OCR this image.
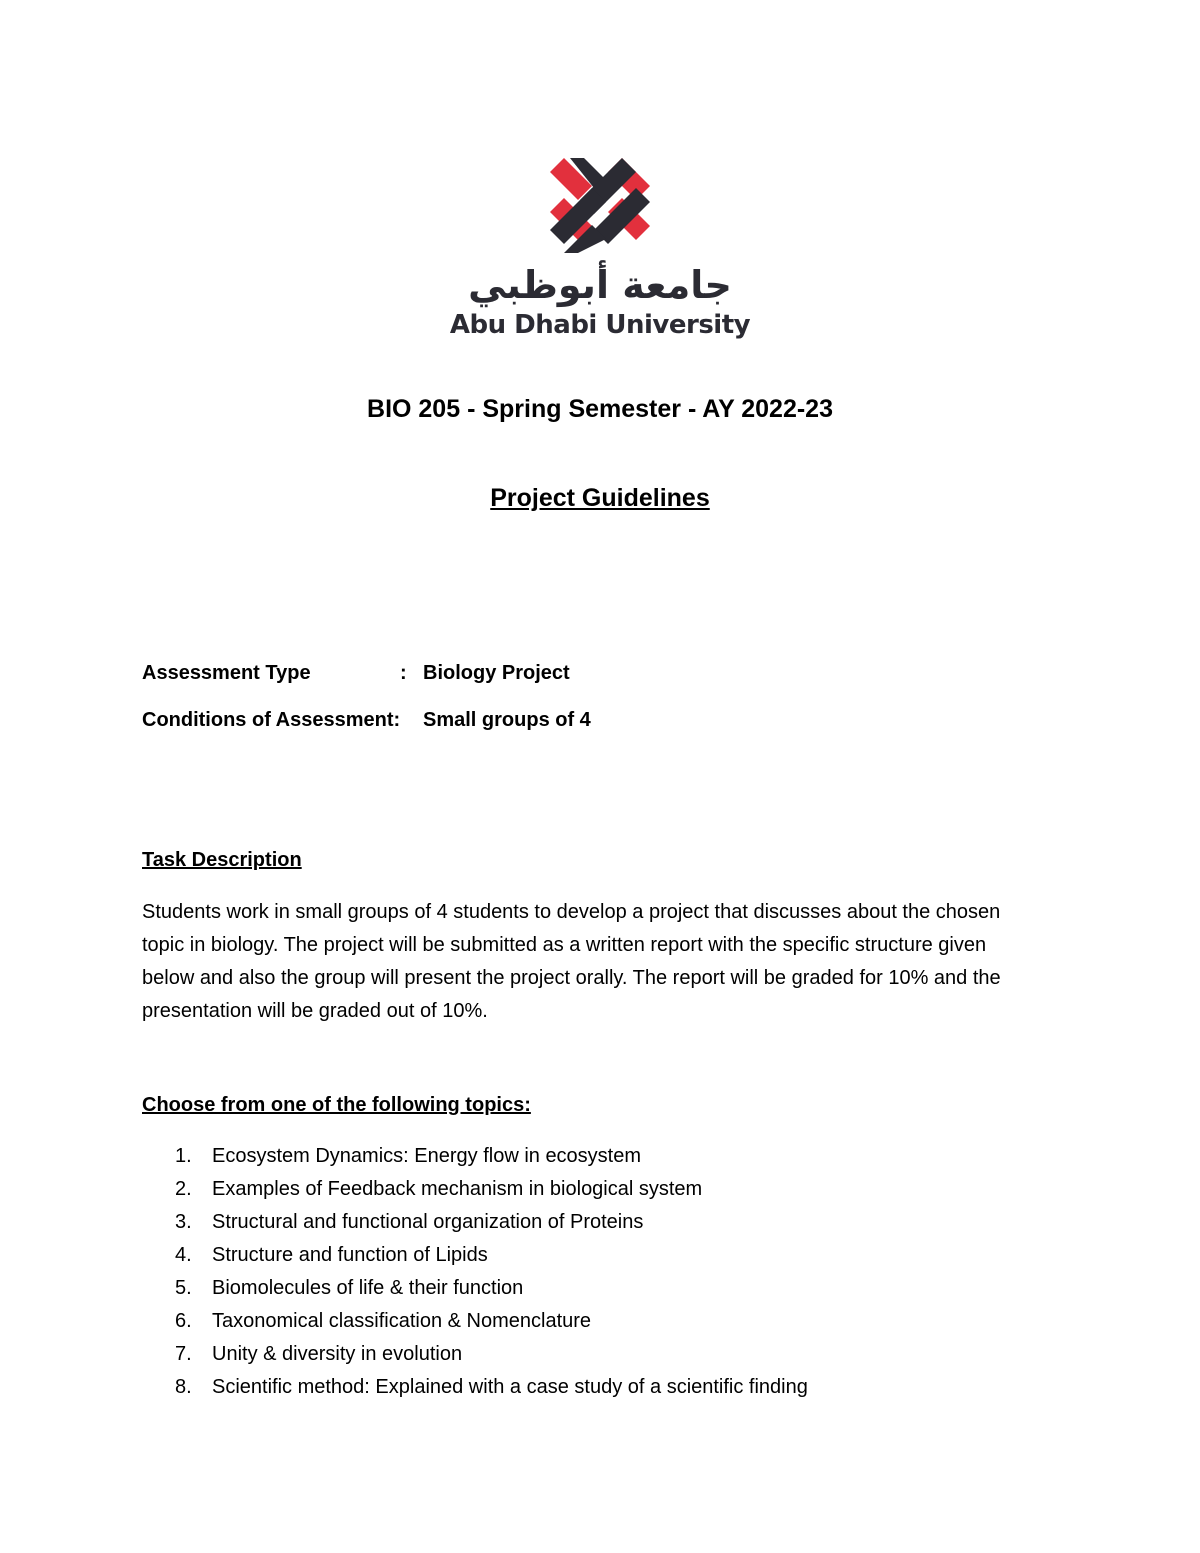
جامعة أبوظبي
Abu Dhabi University
BIO 205 - Spring Semester - AY 2022-23
Project Guidelines
Assessment Type	: Biology Project
Conditions of Assessment: Small groups of 4
Task Description
Students work in small groups of 4 students to develop a project that discusses about the chosen topic in biology. The project will be submitted as a written report with the specific structure given below and also the group will present the project orally. The report will be graded for 10% and the presentation will be graded out of 10%.
Choose from one of the following topics:
1. Ecosystem Dynamics: Energy flow in ecosystem
2. Examples of Feedback mechanism in biological system
3. Structural and functional organization of Proteins
4. Structure and function of Lipids
5. Biomolecules of life & their function
6. Taxonomical classification & Nomenclature
7. Unity & diversity in evolution
8. Scientific method: Explained with a case study of a scientific finding
